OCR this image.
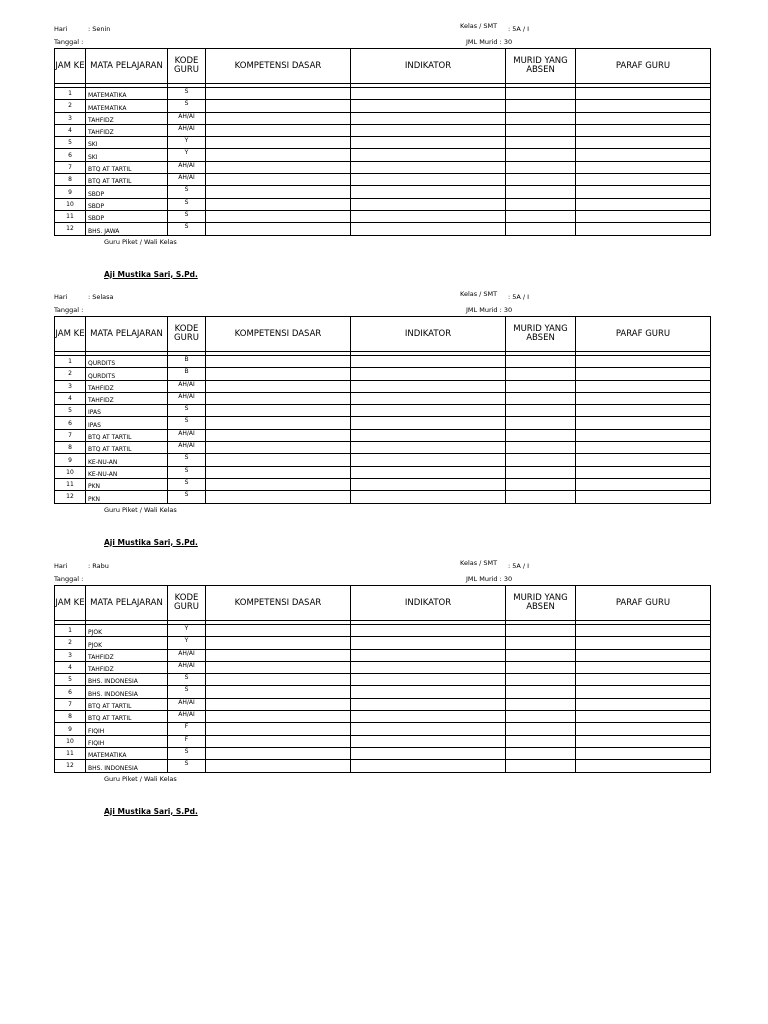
Hari	: Senin
Tanggal :
Kelas / SMT : 5A / I
JML Murid : 30
JAM KE	MATA PELAJARAN	KODE GURU	KOMPETENSI DASAR	INDIKATOR	MURID YANG ABSEN	PARAF GURU

1	MATEMATIKA	S				
2	MATEMATIKA	S				
3	TAHFIDZ	AH/AI				
4	TAHFIDZ	AH/AI				
5	SKI	Y				
6	SKI	Y				
7	BTQ AT TARTIL	AH/AI				
8	BTQ AT TARTIL	AH/AI				
9	SBDP	S				
10	SBDP	S				
11	SBDP	S				
12	BHS. JAWA	S				
Guru Piket / Wali Kelas
Aji Mustika Sari, S.Pd.
Hari	: Selasa
Tanggal :
Kelas / SMT : 5A / I
JML Murid : 30
JAM KE	MATA PELAJARAN	KODE GURU	KOMPETENSI DASAR	INDIKATOR	MURID YANG ABSEN	PARAF GURU

1	QURDITS	B				
2	QURDITS	B				
3	TAHFIDZ	AH/AI				
4	TAHFIDZ	AH/AI				
5	IPAS	S				
6	IPAS	S				
7	BTQ AT TARTIL	AH/AI				
8	BTQ AT TARTIL	AH/AI				
9	KE-NU-AN	S				
10	KE-NU-AN	S				
11	PKN	S				
12	PKN	S				
Guru Piket / Wali Kelas
Aji Mustika Sari, S.Pd.
Hari	: Rabu
Tanggal :
Kelas / SMT : 5A / I
JML Murid : 30
JAM KE	MATA PELAJARAN	KODE GURU	KOMPETENSI DASAR	INDIKATOR	MURID YANG ABSEN	PARAF GURU

1	PJOK	Y				
2	PJOK	Y				
3	TAHFIDZ	AH/AI				
4	TAHFIDZ	AH/AI				
5	BHS. INDONESIA	S				
6	BHS. INDONESIA	S				
7	BTQ AT TARTIL	AH/AI				
8	BTQ AT TARTIL	AH/AI				
9	FIQIH	F				
10	FIQIH	F				
11	MATEMATIKA	S				
12	BHS. INDONESIA	S				
Guru Piket / Wali Kelas
Aji Mustika Sari, S.Pd.
